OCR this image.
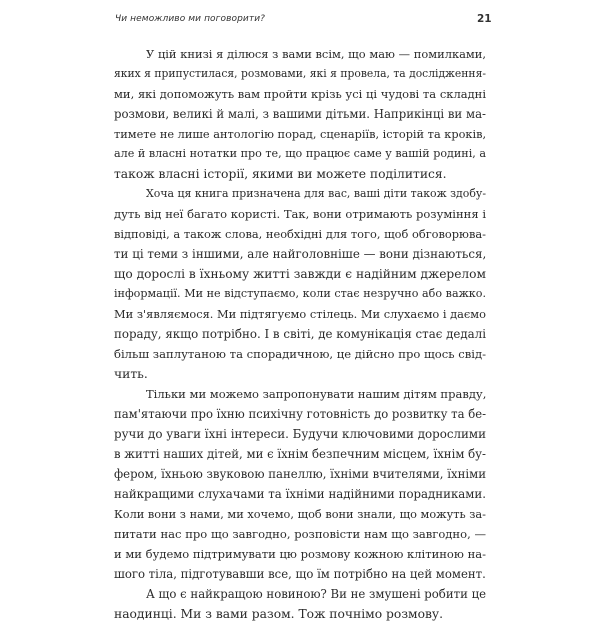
Чи неможливо ми поговорити?	21
У цій книзі я ділюся з вами всім, що маю — помилками,
яких я припустилася, розмовами, які я провела, та дослідження-
ми, які допоможуть вам пройти крізь усі ці чудові та складні
розмови, великі й малі, з вашими дітьми. Наприкінці ви ма-
тимете не лише антологію порад, сценаріїв, історій та кроків,
але й власні нотатки про те, що працює саме у вашій родині, а
також власні історії, якими ви можете поділитися.
Хоча ця книга призначена для вас, ваші діти також здобу-
дуть від неї багато користі. Так, вони отримають розуміння і
відповіді, а також слова, необхідні для того, щоб обговорюва-
ти ці теми з іншими, але найголовніше — вони дізнаються,
що дорослі в їхньому житті завжди є надійним джерелом
інформації. Ми не відступаємо, коли стає незручно або важко.
Ми з'являємося. Ми підтягуємо стілець. Ми слухаємо і даємо
пораду, якщо потрібно. І в світі, де комунікація стає дедалі
більш заплутаною та спорадичною, це дійсно про щось свід-
чить.
Тільки ми можемо запропонувати нашим дітям правду,
пам'ятаючи про їхню психічну готовність до розвитку та бе-
ручи до уваги їхні інтереси. Будучи ключовими дорослими
в житті наших дітей, ми є їхнім безпечним місцем, їхнім бу-
фером, їхньою звуковою панеллю, їхніми вчителями, їхніми
найкращими слухачами та їхніми надійними порадниками.
Коли вони з нами, ми хочемо, щоб вони знали, що можуть за-
питати нас про що завгодно, розповісти нам що завгодно, —
и ми будемо підтримувати цю розмову кожною клітиною на-
шого тіла, підготувавши все, що їм потрібно на цей момент.
А що є найкращою новиною? Ви не змушені робити це
наодинці. Ми з вами разом. Тож почнімо розмову.
